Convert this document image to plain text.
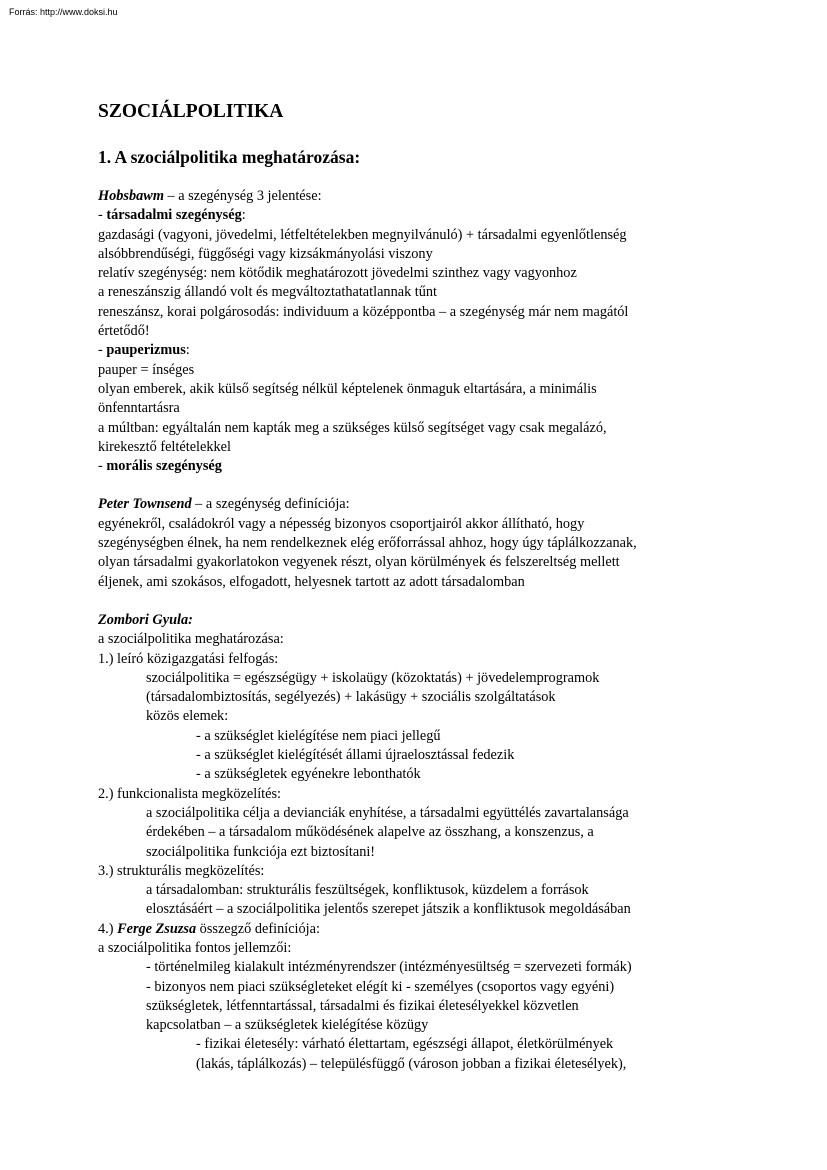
Forrás: http://www.doksi.hu

SZOCIÁLPOLITIKA

1. A szociálpolitika meghatározása:

Hobsbawm – a szegénység 3 jelentése:

- társadalmi szegénység:

gazdasági (vagyoni, jövedelmi, létfeltételekben megnyilvánuló) + társadalmi egyenlőtlenség

alsóbbrendűségi, függőségi vagy kizsákmányolási viszony

relatív szegénység: nem kötődik meghatározott jövedelmi szinthez vagy vagyonhoz

a reneszánszig állandó volt és megváltoztathatatlannak tűnt

reneszánsz, korai polgárosodás: individuum a középpontba – a szegénység már nem magától

értetődő!

- pauperizmus:

pauper = ínséges

olyan emberek, akik külső segítség nélkül képtelenek önmaguk eltartására, a minimális

önfenntartásra

a múltban: egyáltalán nem kapták meg a szükséges külső segítséget vagy csak megalázó,

kirekesztő feltételekkel

- morális szegénység

Peter Townsend – a szegénység definíciója:

egyénekről, családokról vagy a népesség bizonyos csoportjairól akkor állítható, hogy

szegénységben élnek, ha nem rendelkeznek elég erőforrással ahhoz, hogy úgy táplálkozzanak,

olyan társadalmi gyakorlatokon vegyenek részt, olyan körülmények és felszereltség mellett

éljenek, ami szokásos, elfogadott, helyesnek tartott az adott társadalomban

Zombori Gyula:

a szociálpolitika meghatározása:

1.) leíró közigazgatási felfogás:

szociálpolitika = egészségügy + iskolaügy (közoktatás) + jövedelemprogramok

(társadalombiztosítás, segélyezés) + lakásügy + szociális szolgáltatások

közös elemek:

- a szükséglet kielégítése nem piaci jellegű

- a szükséglet kielégítését állami újraelosztással fedezik

- a szükségletek egyénekre lebonthatók

2.) funkcionalista megközelítés:

a szociálpolitika célja a devianciák enyhítése, a társadalmi együttélés zavartalansága

érdekében – a társadalom működésének alapelve az összhang, a konszenzus, a

szociálpolitika funkciója ezt biztosítani!

3.) strukturális megközelítés:

a társadalomban: strukturális feszültségek, konfliktusok, küzdelem a források

elosztásáért – a szociálpolitika jelentős szerepet játszik a konfliktusok megoldásában

4.) Ferge Zsuzsa összegző definíciója:

a szociálpolitika fontos jellemzői:

- történelmileg kialakult intézményrendszer (intézményesültség = szervezeti formák)

- bizonyos nem piaci szükségleteket elégít ki - személyes (csoportos vagy egyéni)

szükségletek, létfenntartással, társadalmi és fizikai életesélyekkel közvetlen

kapcsolatban – a szükségletek kielégítése közügy

- fizikai életesély: várható élettartam, egészségi állapot, életkörülmények

(lakás, táplálkozás) – településfüggő (városon jobban a fizikai életesélyek),
